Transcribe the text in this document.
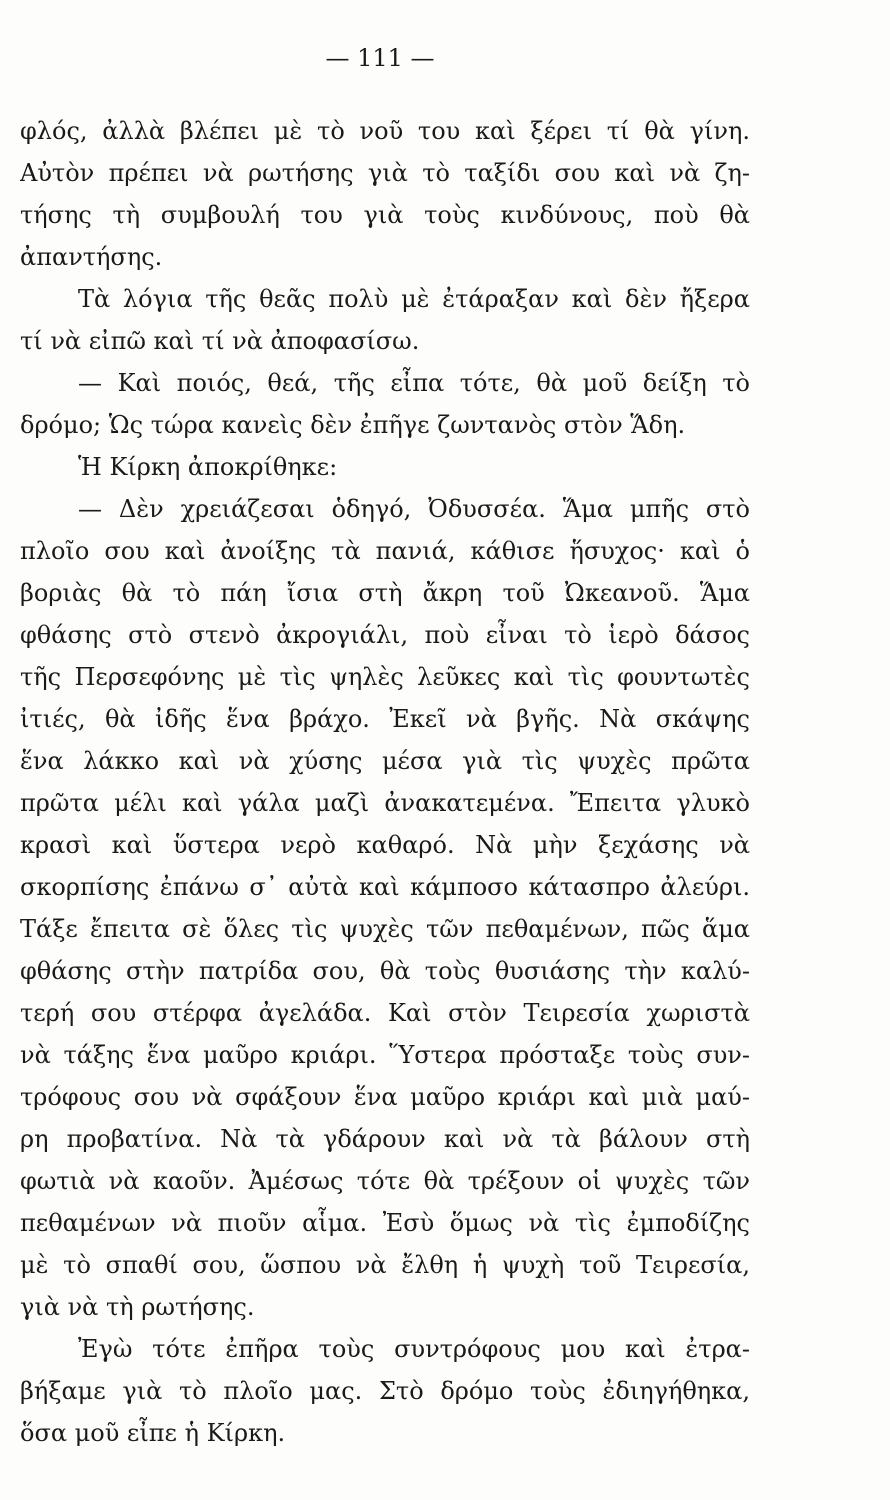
— 111 —
φλός, ἀλλὰ βλέπει μὲ τὸ νοῦ του καὶ ξέρει τί θὰ γίνη.
Αὐτὸν πρέπει νὰ ρωτήσης γιὰ τὸ ταξίδι σου καὶ νὰ ζη-
τήσης τὴ συμβουλή του γιὰ τοὺς κινδύνους, ποὺ θὰ
ἀπαντήσης.
Τὰ λόγια τῆς θεᾶς πολὺ μὲ ἐτάραξαν καὶ δὲν ἤξερα
τί νὰ εἰπῶ καὶ τί νὰ ἀποφασίσω.
— Καὶ ποιός, θεά, τῆς εἶπα τότε, θὰ μοῦ δείξη τὸ
δρόμο; Ὡς τώρα κανεὶς δὲν ἐπῆγε ζωντανὸς στὸν Ἅδη.
Ἡ Κίρκη ἀποκρίθηκε:
— Δὲν χρειάζεσαι ὁδηγό, Ὀδυσσέα. Ἅμα μπῆς στὸ
πλοῖο σου καὶ ἀνοίξης τὰ πανιά, κάθισε ἥσυχος· καὶ ὁ
βοριὰς θὰ τὸ πάη ἴσια στὴ ἄκρη τοῦ Ὠκεανοῦ. Ἅμα
φθάσης στὸ στενὸ ἀκρογιάλι, ποὺ εἶναι τὸ ἱερὸ δάσος
τῆς Περσεφόνης μὲ τὶς ψηλὲς λεῦκες καὶ τὶς φουντωτὲς
ἰτιές, θὰ ἰδῆς ἕνα βράχο. Ἐκεῖ νὰ βγῆς. Νὰ σκάψης
ἕνα λάκκο καὶ νὰ χύσης μέσα γιὰ τὶς ψυχὲς πρῶτα
πρῶτα μέλι καὶ γάλα μαζὶ ἀνακατεμένα. Ἔπειτα γλυκὸ
κρασὶ καὶ ὕστερα νερὸ καθαρό. Νὰ μὴν ξεχάσης νὰ
σκορπίσης ἐπάνω σ᾽ αὐτὰ καὶ κάμποσο κάτασπρο ἀλεύρι.
Τάξε ἔπειτα σὲ ὅλες τὶς ψυχὲς τῶν πεθαμένων, πῶς ἅμα
φθάσης στὴν πατρίδα σου, θὰ τοὺς θυσιάσης τὴν καλύ-
τερή σου στέρφα ἀγελάδα. Καὶ στὸν Τειρεσία χωριστὰ
νὰ τάξης ἕνα μαῦρο κριάρι. Ὕστερα πρόσταξε τοὺς συν-
τρόφους σου νὰ σφάξουν ἕνα μαῦρο κριάρι καὶ μιὰ μαύ-
ρη προβατίνα. Νὰ τὰ γδάρουν καὶ νὰ τὰ βάλουν στὴ
φωτιὰ νὰ καοῦν. Ἀμέσως τότε θὰ τρέξουν οἱ ψυχὲς τῶν
πεθαμένων νὰ πιοῦν αἷμα. Ἐσὺ ὅμως νὰ τὶς ἐμποδίζης
μὲ τὸ σπαθί σου, ὥσπου νὰ ἔλθη ἡ ψυχὴ τοῦ Τειρεσία,
γιὰ νὰ τὴ ρωτήσης.
Ἐγὼ τότε ἐπῆρα τοὺς συντρόφους μου καὶ ἐτρα-
βήξαμε γιὰ τὸ πλοῖο μας. Στὸ δρόμο τοὺς ἐδιηγήθηκα,
ὅσα μοῦ εἶπε ἡ Κίρκη.
